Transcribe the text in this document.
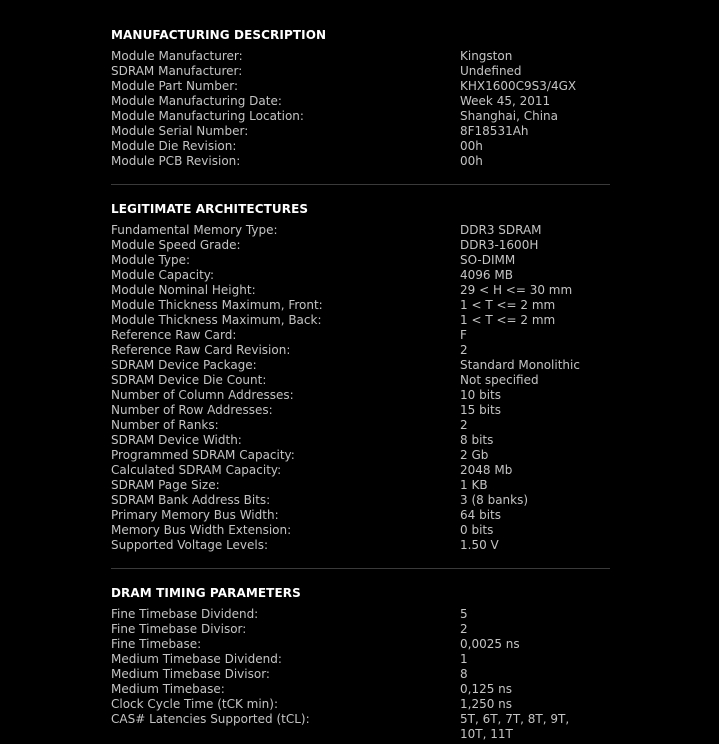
MANUFACTURING DESCRIPTION
Module Manufacturer:	Kingston
SDRAM Manufacturer:	Undefined
Module Part Number:	KHX1600C9S3/4GX
Module Manufacturing Date:	Week 45, 2011
Module Manufacturing Location:	Shanghai, China
Module Serial Number:	8F18531Ah
Module Die Revision:	00h
Module PCB Revision:	00h
LEGITIMATE ARCHITECTURES
Fundamental Memory Type:	DDR3 SDRAM
Module Speed Grade:	DDR3-1600H
Module Type:	SO-DIMM
Module Capacity:	4096 MB
Module Nominal Height:	29 < H <= 30 mm
Module Thickness Maximum, Front:	1 < T <= 2 mm
Module Thickness Maximum, Back:	1 < T <= 2 mm
Reference Raw Card:	F
Reference Raw Card Revision:	2
SDRAM Device Package:	Standard Monolithic
SDRAM Device Die Count:	Not specified
Number of Column Addresses:	10 bits
Number of Row Addresses:	15 bits
Number of Ranks:	2
SDRAM Device Width:	8 bits
Programmed SDRAM Capacity:	2 Gb
Calculated SDRAM Capacity:	2048 Mb
SDRAM Page Size:	1 KB
SDRAM Bank Address Bits:	3 (8 banks)
Primary Memory Bus Width:	64 bits
Memory Bus Width Extension:	0 bits
Supported Voltage Levels:	1.50 V
DRAM TIMING PARAMETERS
Fine Timebase Dividend:	5
Fine Timebase Divisor:	2
Fine Timebase:	0,0025 ns
Medium Timebase Dividend:	1
Medium Timebase Divisor:	8
Medium Timebase:	0,125 ns
Clock Cycle Time (tCK min):	1,250 ns
CAS# Latencies Supported (tCL):	5T, 6T, 7T, 8T, 9T, 10T, 11T
